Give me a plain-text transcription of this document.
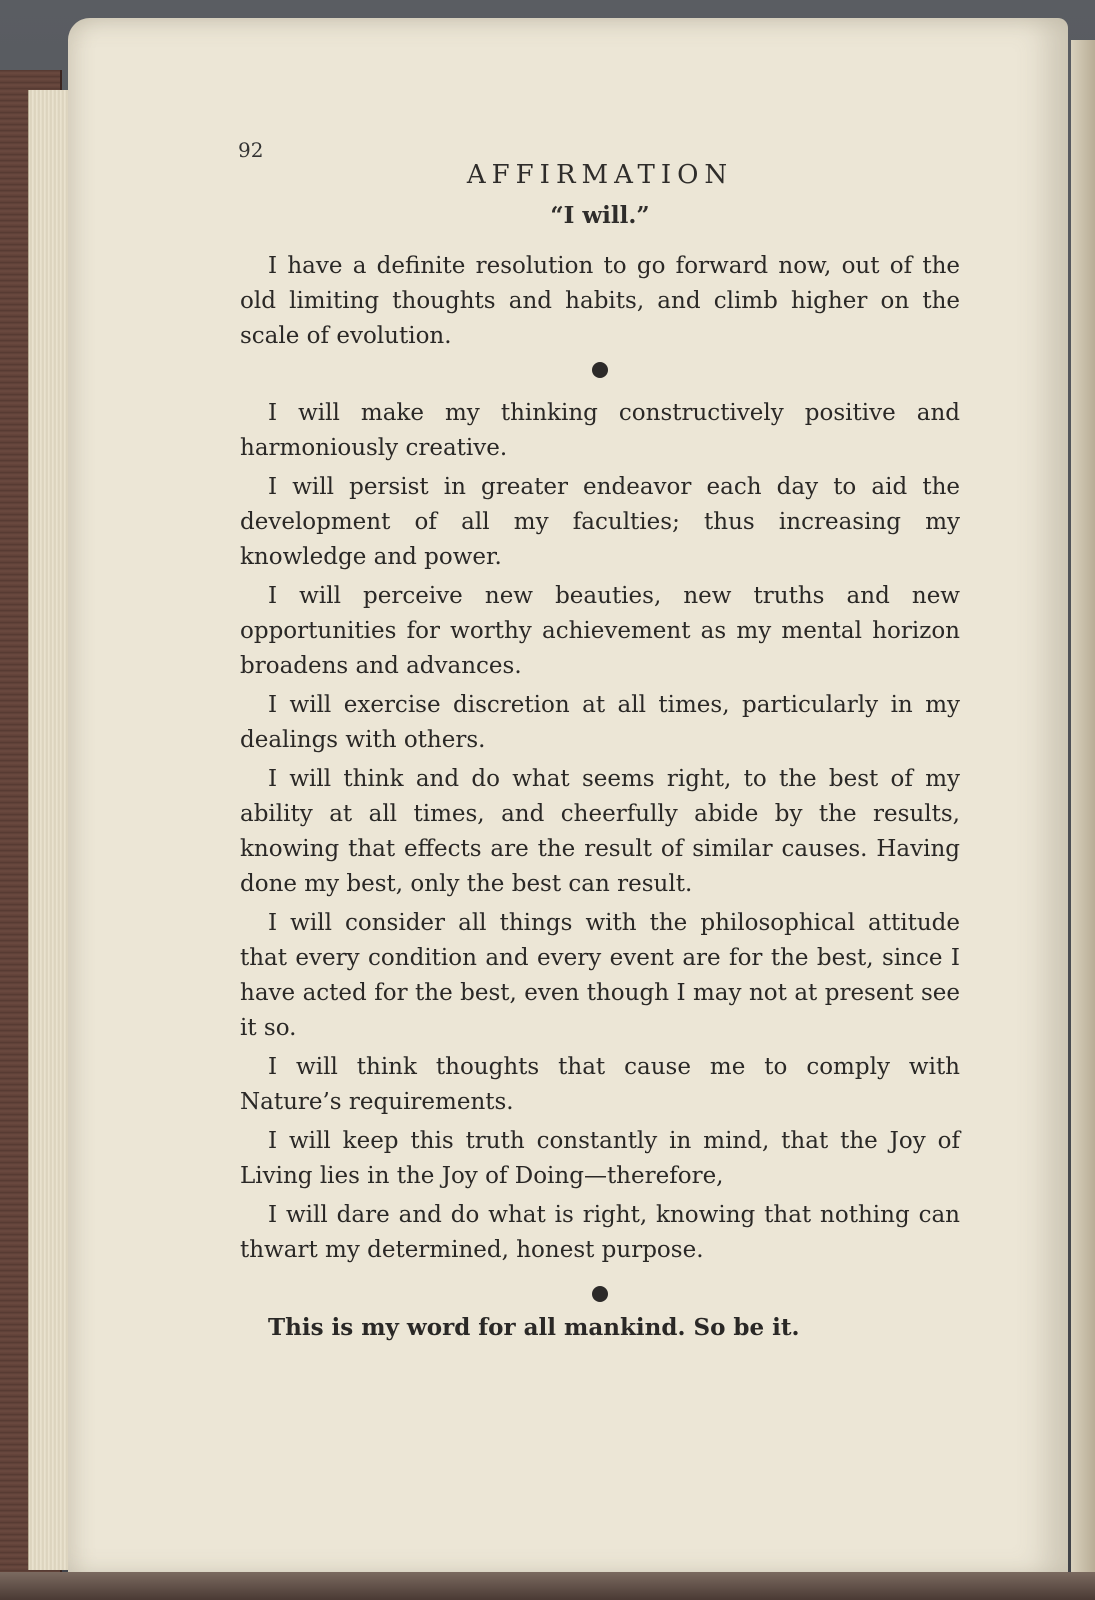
92
AFFIRMATION
“I will.”

I have a definite resolution to go forward now, out of the old limiting thoughts and habits, and climb higher on the scale of evolution.

I will make my thinking constructively positive and harmoniously creative.

I will persist in greater endeavor each day to aid the development of all my faculties; thus increasing my knowledge and power.

I will perceive new beauties, new truths and new opportunities for worthy achievement as my mental horizon broadens and advances.

I will exercise discretion at all times, particularly in my dealings with others.

I will think and do what seems right, to the best of my ability at all times, and cheerfully abide by the results, knowing that effects are the result of similar causes. Having done my best, only the best can result.

I will consider all things with the philosophical attitude that every condition and every event are for the best, since I have acted for the best, even though I may not at present see it so.

I will think thoughts that cause me to comply with Nature’s requirements.

I will keep this truth constantly in mind, that the Joy of Living lies in the Joy of Doing—therefore,

I will dare and do what is right, knowing that nothing can thwart my determined, honest purpose.

This is my word for all mankind. So be it.
